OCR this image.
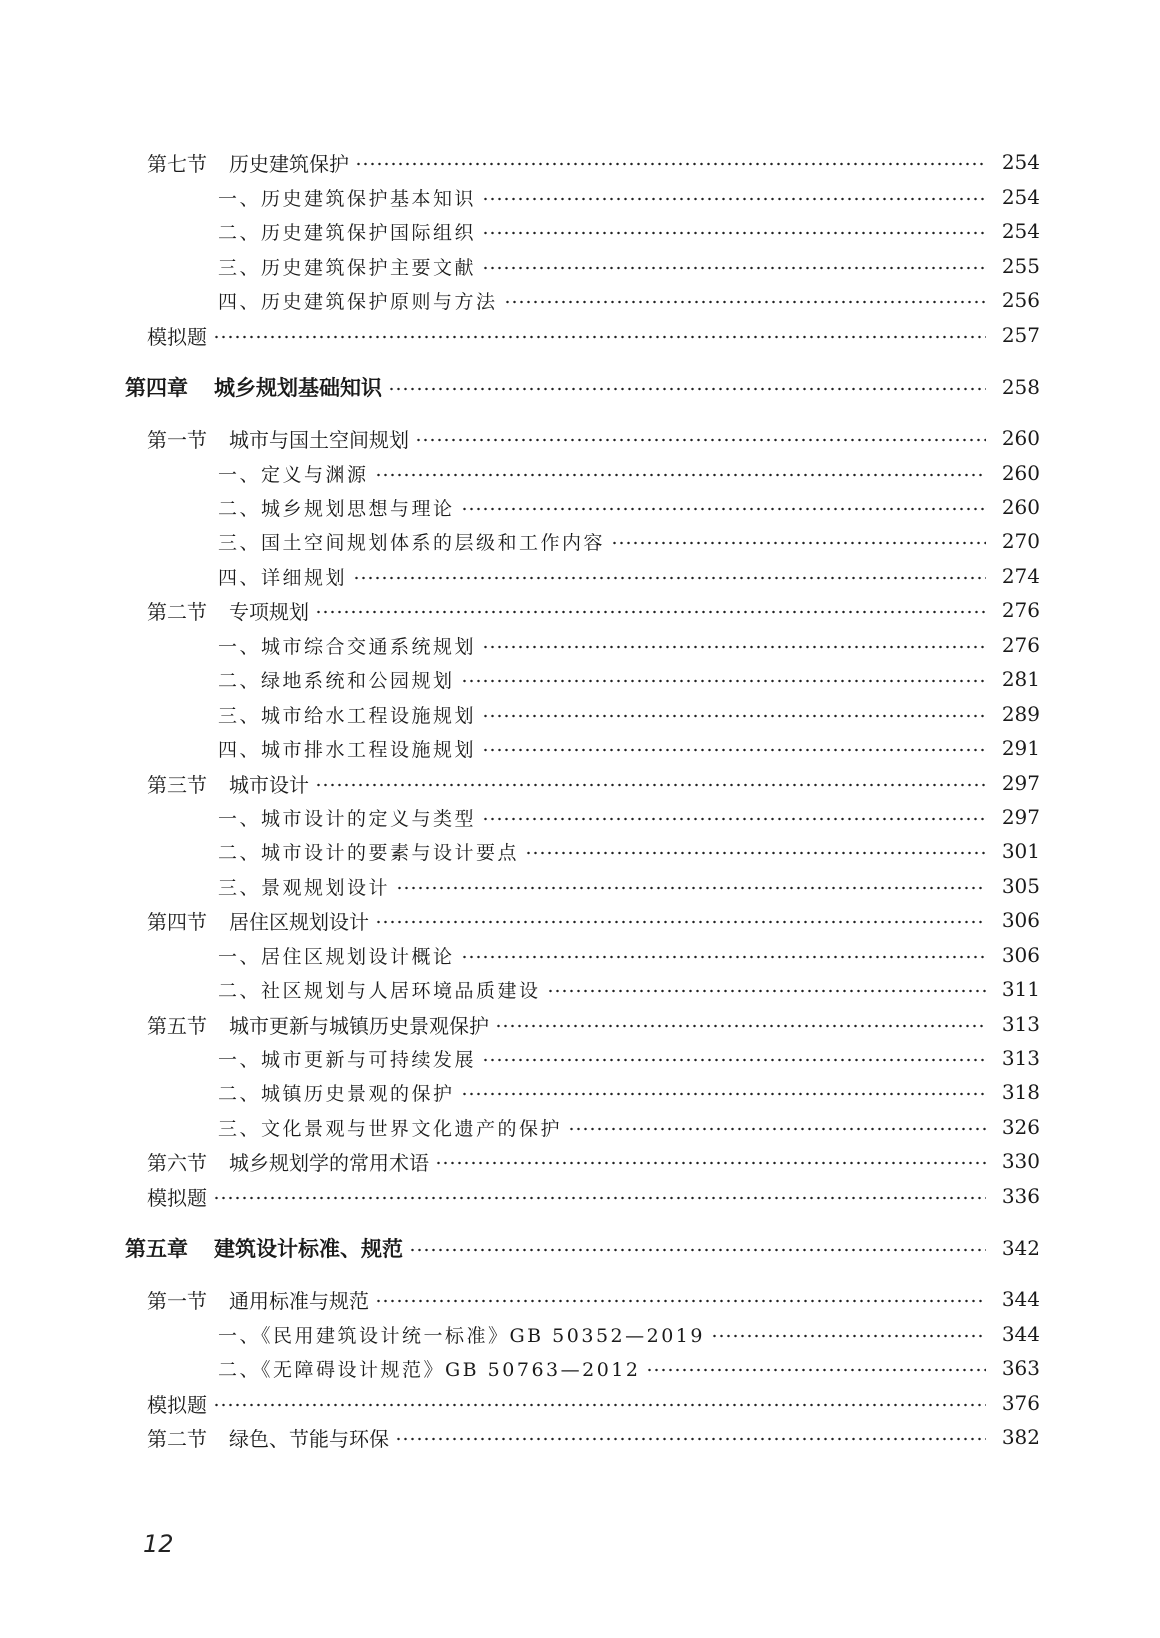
第七节 历史建筑保护	254
一、历史建筑保护基本知识	254
二、历史建筑保护国际组织	254
三、历史建筑保护主要文献	255
四、历史建筑保护原则与方法	256
模拟题	257
第四章 城乡规划基础知识	258
第一节 城市与国土空间规划	260
一、定义与渊源	260
二、城乡规划思想与理论	260
三、国土空间规划体系的层级和工作内容	270
四、详细规划	274
第二节 专项规划	276
一、城市综合交通系统规划	276
二、绿地系统和公园规划	281
三、城市给水工程设施规划	289
四、城市排水工程设施规划	291
第三节 城市设计	297
一、城市设计的定义与类型	297
二、城市设计的要素与设计要点	301
三、景观规划设计	305
第四节 居住区规划设计	306
一、居住区规划设计概论	306
二、社区规划与人居环境品质建设	311
第五节 城市更新与城镇历史景观保护	313
一、城市更新与可持续发展	313
二、城镇历史景观的保护	318
三、文化景观与世界文化遗产的保护	326
第六节 城乡规划学的常用术语	330
模拟题	336
第五章 建筑设计标准、规范	342
第一节 通用标准与规范	344
一、《民用建筑设计统一标准》GB 50352—2019	344
二、《无障碍设计规范》GB 50763—2012	363
模拟题	376
第二节 绿色、节能与环保	382
12
